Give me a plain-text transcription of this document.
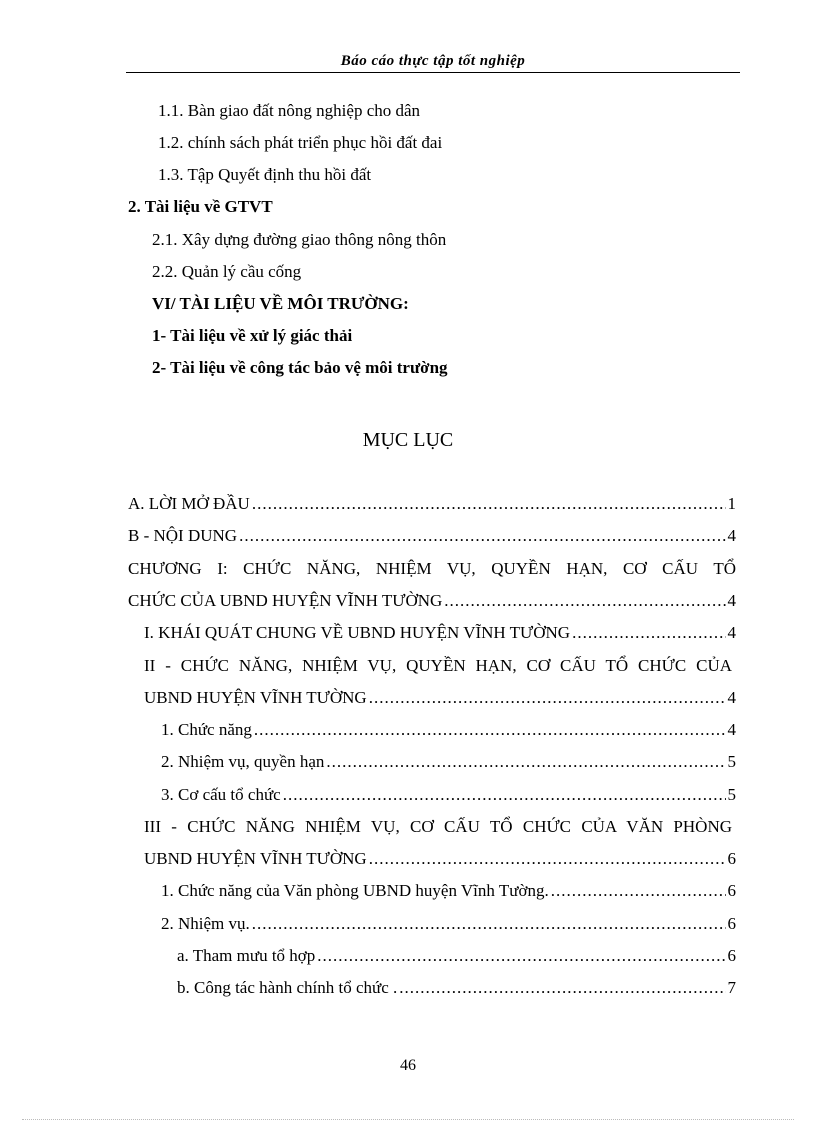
Báo cáo thực tập tốt nghiệp
1.1. Bàn giao đất nông nghiệp cho dân
1.2. chính sách phát triển phục hồi đất đai
1.3. Tập Quyết định thu hồi đất
2. Tài liệu về GTVT
2.1. Xây dựng đường giao thông nông thôn
2.2. Quản lý cầu cống
VI/ TÀI LIỆU VỀ MÔI TRƯỜNG:
1- Tài liệu về xử lý giác thải
2- Tài liệu về công tác bảo vệ môi trường
MỤC LỤC
A. LỜI MỞ ĐẦU .....	1
B - NỘI DUNG .....	4
CHƯƠNG I: CHỨC NĂNG, NHIỆM VỤ, QUYỀN HẠN, CƠ CẤU TỔ
CHỨC CỦA UBND HUYỆN VĨNH TƯỜNG .....	4
I. KHÁI QUÁT CHUNG VỀ UBND HUYỆN VĨNH TƯỜNG .....	4
II - CHỨC NĂNG, NHIỆM VỤ, QUYỀN HẠN, CƠ CẤU TỔ CHỨC CỦA
UBND HUYỆN VĨNH TƯỜNG .....	4
1. Chức năng .....	4
2. Nhiệm vụ, quyền hạn .....	5
3. Cơ cấu tổ chức .....	5
III - CHỨC NĂNG NHIỆM VỤ, CƠ CẤU TỔ CHỨC CỦA VĂN PHÒNG
UBND HUYỆN VĨNH TƯỜNG .....	6
1. Chức năng của Văn phòng UBND huyện Vĩnh Tường. .....	6
2. Nhiệm vụ. .....	6
a. Tham mưu tổ hợp .....	6
b. Công tác hành chính tổ chức . .....	7
46
